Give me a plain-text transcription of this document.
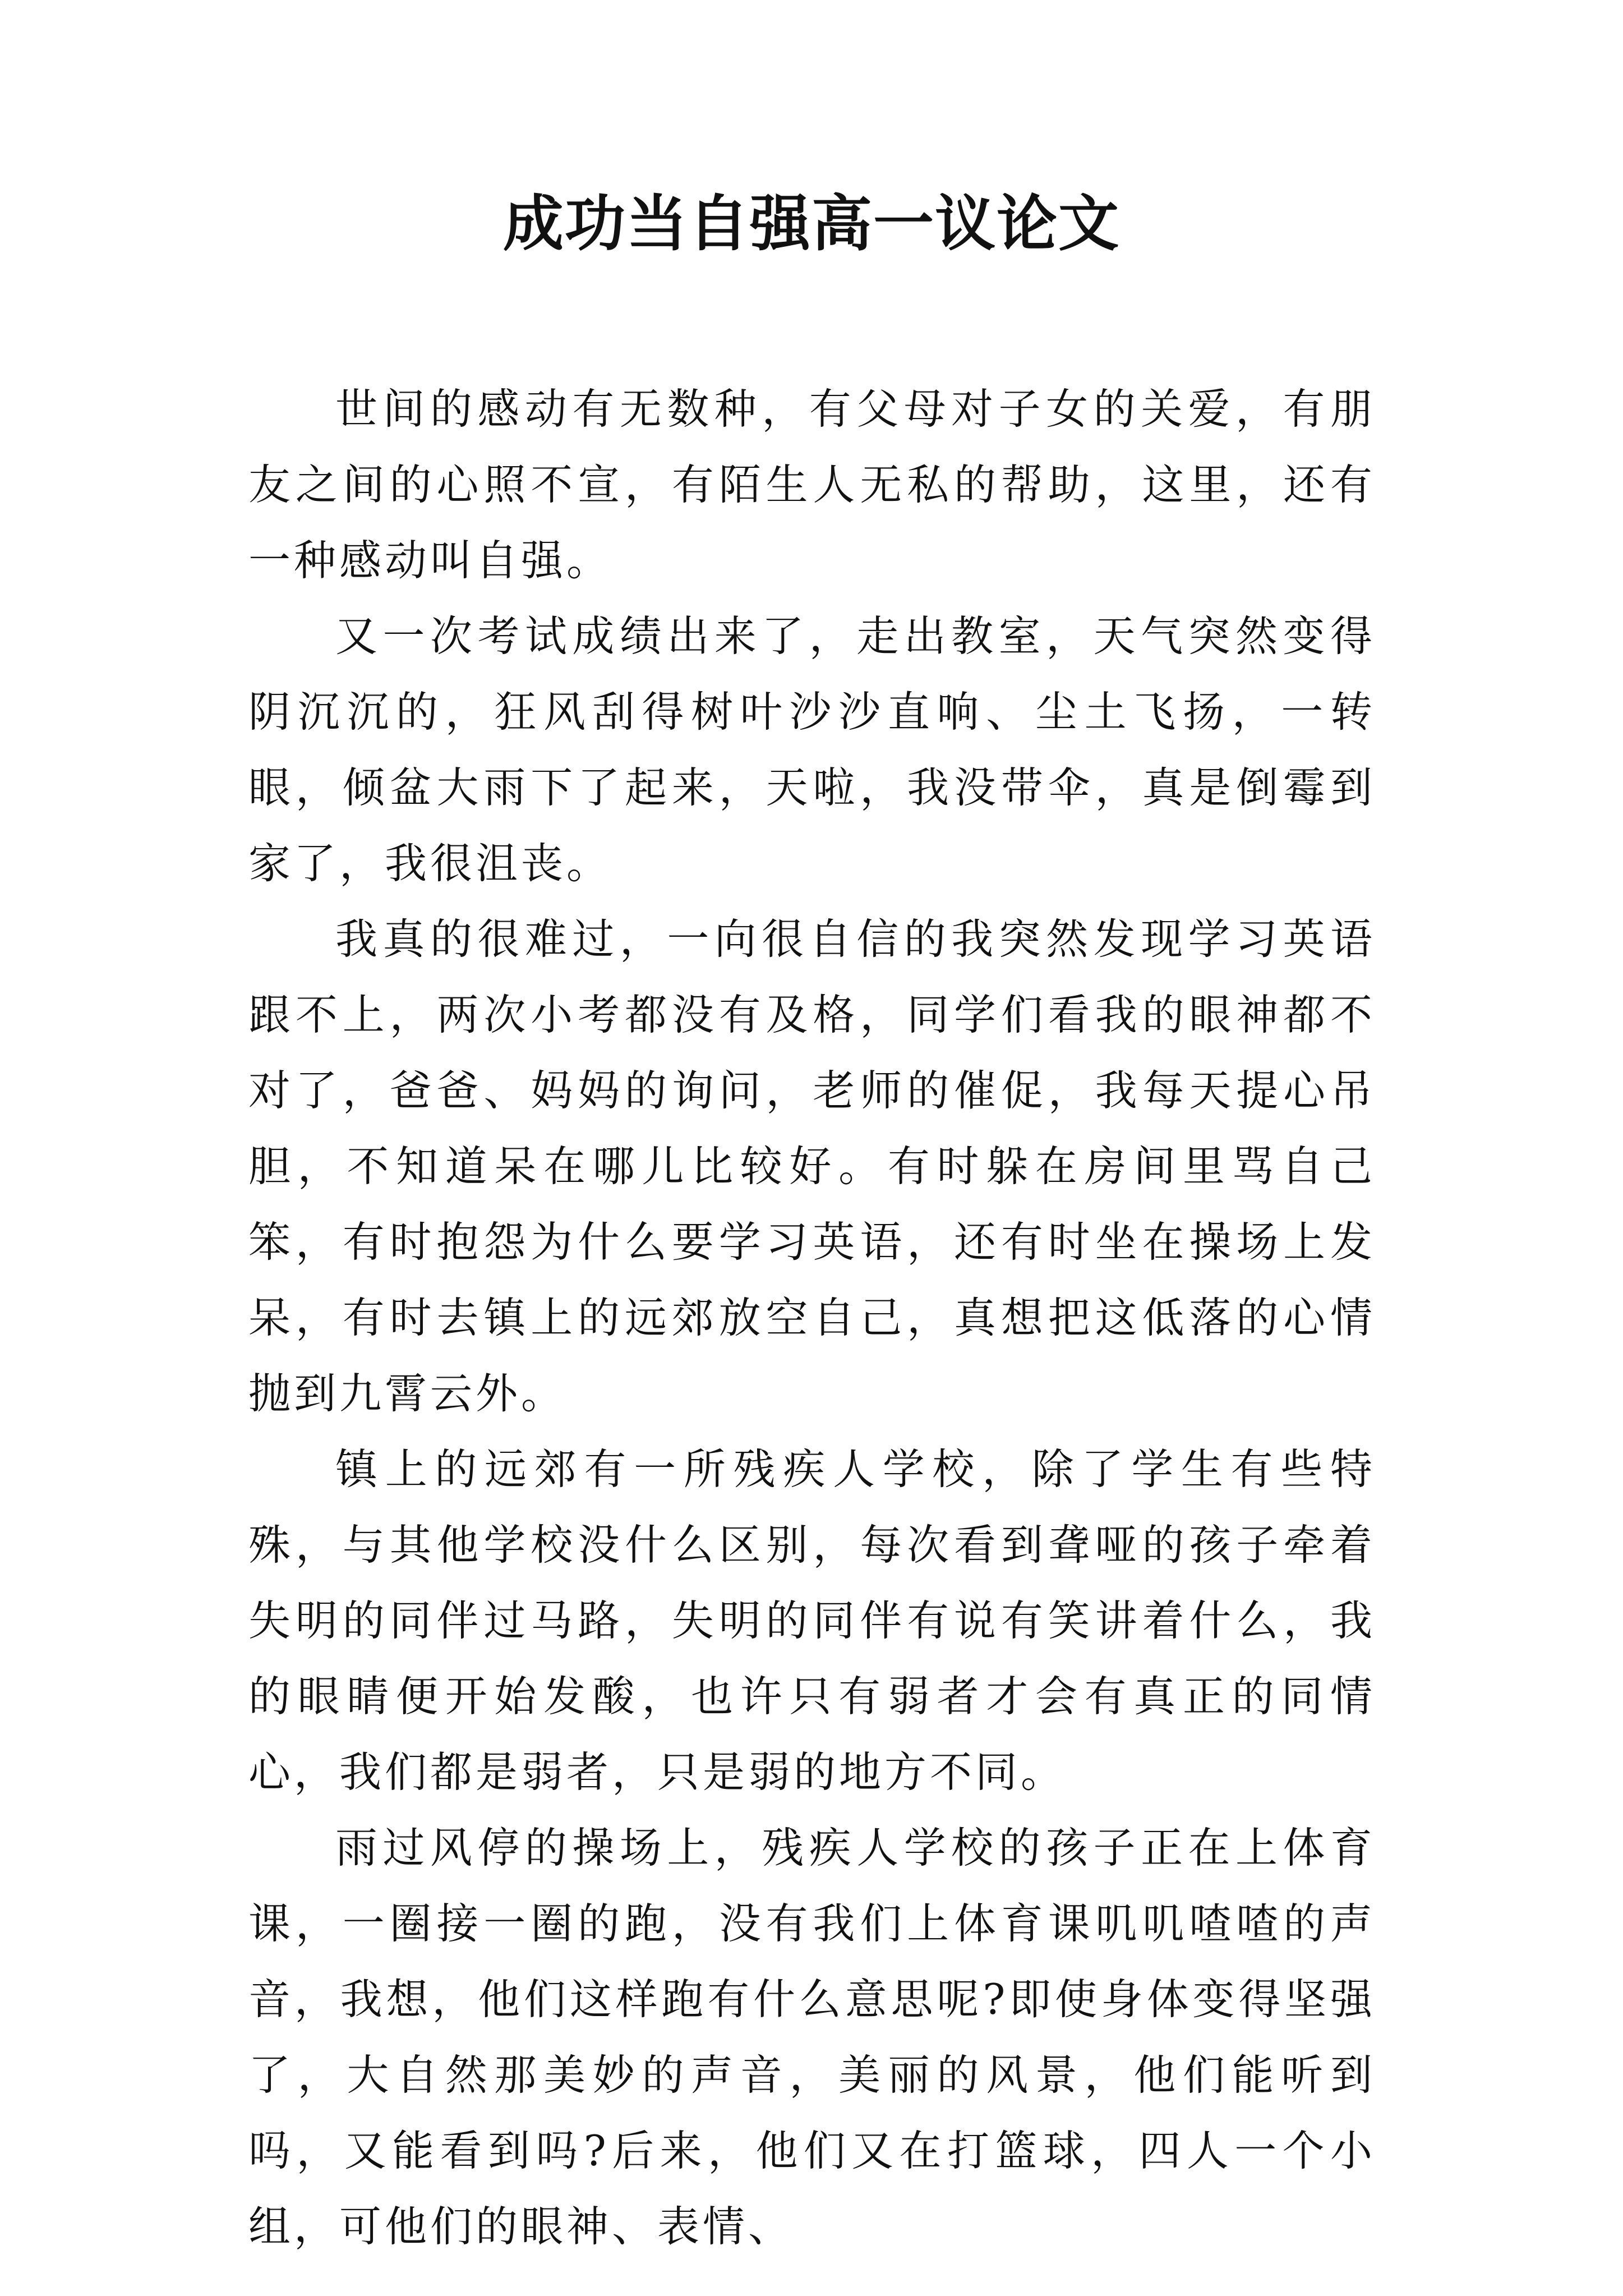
成功当自强高一议论文

世间的感动有无数种，有父母对子女的关爱，有朋友之间的心照不宣，有陌生人无私的帮助，这里，还有一种感动叫自强。

又一次考试成绩出来了，走出教室，天气突然变得阴沉沉的，狂风刮得树叶沙沙直响、尘土飞扬，一转眼，倾盆大雨下了起来，天啦，我没带伞，真是倒霉到家了，我很沮丧。

我真的很难过，一向很自信的我突然发现学习英语跟不上，两次小考都没有及格，同学们看我的眼神都不对了，爸爸、妈妈的询问，老师的催促，我每天提心吊胆，不知道呆在哪儿比较好。有时躲在房间里骂自己笨，有时抱怨为什么要学习英语，还有时坐在操场上发呆，有时去镇上的远郊放空自己，真想把这低落的心情抛到九霄云外。

镇上的远郊有一所残疾人学校，除了学生有些特殊，与其他学校没什么区别，每次看到聋哑的孩子牵着失明的同伴过马路，失明的同伴有说有笑讲着什么，我的眼睛便开始发酸，也许只有弱者才会有真正的同情心，我们都是弱者，只是弱的地方不同。

雨过风停的操场上，残疾人学校的孩子正在上体育课，一圈接一圈的跑，没有我们上体育课叽叽喳喳的声音，我想，他们这样跑有什么意思呢?即使身体变得坚强了，大自然那美妙的声音，美丽的风景，他们能听到吗，又能看到吗?后来，他们又在打篮球，四人一个小组，可他们的眼神、表情、
